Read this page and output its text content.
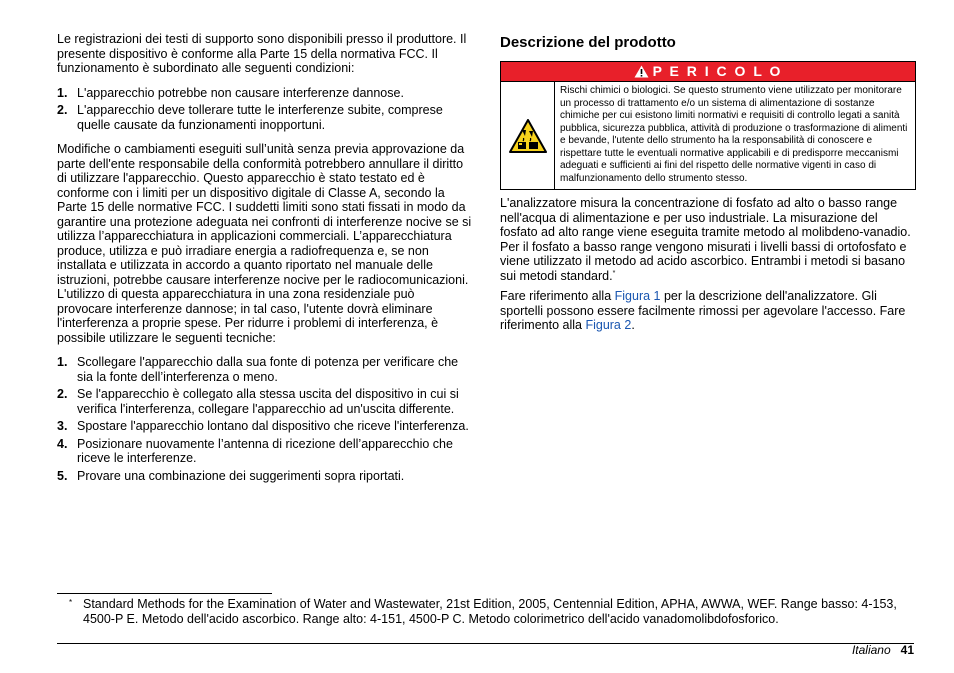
Le registrazioni dei testi di supporto sono disponibili presso il produttore. Il presente dispositivo è conforme alla Parte 15 della normativa FCC. Il funzionamento è subordinato alle seguenti condizioni:

1. L'apparecchio potrebbe non causare interferenze dannose.
2. L'apparecchio deve tollerare tutte le interferenze subite, comprese quelle causate da funzionamenti inopportuni.

Modifiche o cambiamenti eseguiti sull’unità senza previa approvazione da parte dell'ente responsabile della conformità potrebbero annullare il diritto di utilizzare l'apparecchio. Questo apparecchio è stato testato ed è conforme con i limiti per un dispositivo digitale di Classe A, secondo la Parte 15 delle normative FCC. I suddetti limiti sono stati fissati in modo da garantire una protezione adeguata nei confronti di interferenze nocive se si utilizza l’apparecchiatura in applicazioni commerciali. L’apparecchiatura produce, utilizza e può irradiare energia a radiofrequenza e, se non installata e utilizzata in accordo a quanto riportato nel manuale delle istruzioni, potrebbe causare interferenze nocive per le radiocomunicazioni. L'utilizzo di questa apparecchiatura in una zona residenziale può provocare interferenze dannose; in tal caso, l'utente dovrà eliminare l'interferenza a proprie spese. Per ridurre i problemi di interferenza, è possibile utilizzare le seguenti tecniche:

1. Scollegare l'apparecchio dalla sua fonte di potenza per verificare che sia la fonte dell’interferenza o meno.
2. Se l'apparecchio è collegato alla stessa uscita del dispositivo in cui si verifica l'interferenza, collegare l'apparecchio ad un'uscita differente.
3. Spostare l'apparecchio lontano dal dispositivo che riceve l'interferenza.
4. Posizionare nuovamente l’antenna di ricezione dell’apparecchio che riceve le interferenze.
5. Provare una combinazione dei suggerimenti sopra riportati.
Descrizione del prodotto
P E R I C O L O
Rischi chimici o biologici. Se questo strumento viene utilizzato per monitorare un processo di trattamento e/o un sistema di alimentazione di sostanze chimiche per cui esistono limiti normativi e requisiti di controllo legati a sanità pubblica, sicurezza pubblica, attività di produzione o trasformazione di alimenti e bevande, l'utente dello strumento ha la responsabilità di conoscere e rispettare tutte le eventuali normative applicabili e di predisporre meccanismi adeguati e sufficienti ai fini del rispetto delle normative vigenti in caso di malfunzionamento dello strumento stesso.

L'analizzatore misura la concentrazione di fosfato ad alto o basso range nell'acqua di alimentazione e per uso industriale. La misurazione del fosfato ad alto range viene eseguita tramite metodo al molibdeno-vanadio. Per il fosfato a basso range vengono misurati i livelli bassi di ortofosfato e viene utilizzato il metodo ad acido ascorbico. Entrambi i metodi si basano sui metodi standard.*

Fare riferimento alla Figura 1 per la descrizione dell'analizzatore. Gli sportelli possono essere facilmente rimossi per agevolare l'accesso. Fare riferimento alla Figura 2.

* Standard Methods for the Examination of Water and Wastewater, 21st Edition, 2005, Centennial Edition, APHA, AWWA, WEF. Range basso: 4-153, 4500-P E. Metodo dell'acido ascorbico. Range alto: 4-151, 4500-P C. Metodo colorimetrico dell'acido vanadomolibdofosforico.
Italiano 41
